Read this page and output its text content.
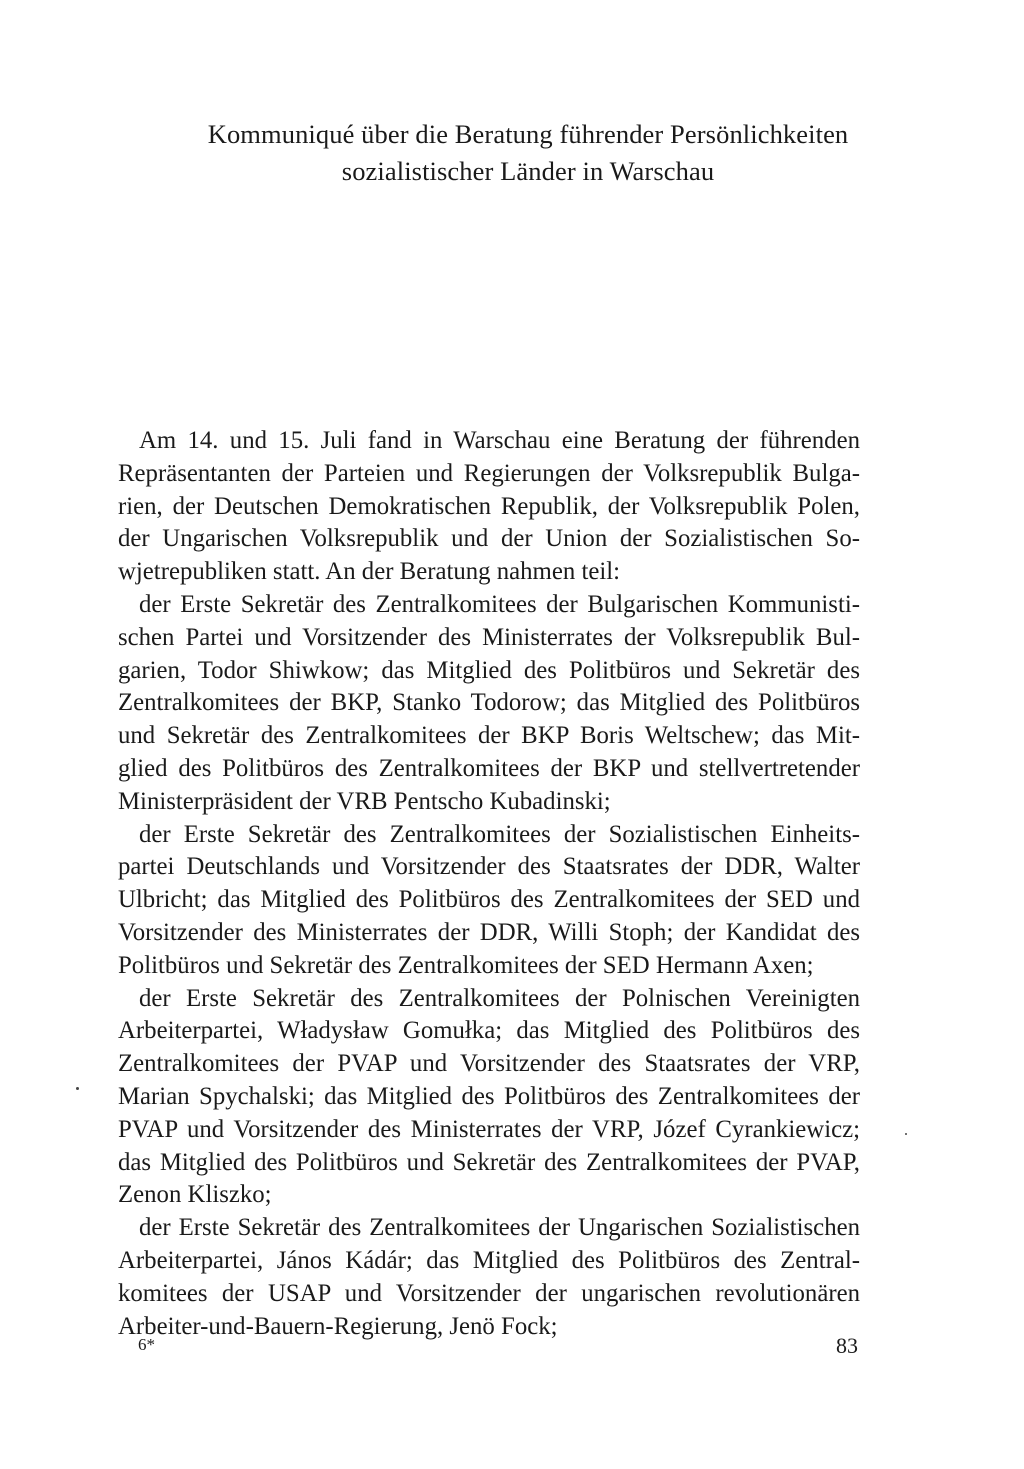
Kommuniqué über die Beratung führender Persönlichkeiten
sozialistischer Länder in Warschau
Am 14. und 15. Juli fand in Warschau eine Beratung der führenden
Repräsentanten der Parteien und Regierungen der Volksrepublik Bulga-
rien, der Deutschen Demokratischen Republik, der Volksrepublik Polen,
der Ungarischen Volksrepublik und der Union der Sozialistischen So-
wjetrepubliken statt. An der Beratung nahmen teil:
der Erste Sekretär des Zentralkomitees der Bulgarischen Kommunisti-
schen Partei und Vorsitzender des Ministerrates der Volksrepublik Bul-
garien, Todor Shiwkow; das Mitglied des Politbüros und Sekretär des
Zentralkomitees der BKP, Stanko Todorow; das Mitglied des Politbüros
und Sekretär des Zentralkomitees der BKP Boris Weltschew; das Mit-
glied des Politbüros des Zentralkomitees der BKP und stellvertretender
Ministerpräsident der VRB Pentscho Kubadinski;
der Erste Sekretär des Zentralkomitees der Sozialistischen Einheits-
partei Deutschlands und Vorsitzender des Staatsrates der DDR, Walter
Ulbricht; das Mitglied des Politbüros des Zentralkomitees der SED und
Vorsitzender des Ministerrates der DDR, Willi Stoph; der Kandidat des
Politbüros und Sekretär des Zentralkomitees der SED Hermann Axen;
der Erste Sekretär des Zentralkomitees der Polnischen Vereinigten
Arbeiterpartei, Władysław Gomułka; das Mitglied des Politbüros des
Zentralkomitees der PVAP und Vorsitzender des Staatsrates der VRP,
Marian Spychalski; das Mitglied des Politbüros des Zentralkomitees der
PVAP und Vorsitzender des Ministerrates der VRP, Józef Cyrankiewicz;
das Mitglied des Politbüros und Sekretär des Zentralkomitees der PVAP,
Zenon Kliszko;
der Erste Sekretär des Zentralkomitees der Ungarischen Sozialistischen
Arbeiterpartei, János Kádár; das Mitglied des Politbüros des Zentral-
komitees der USAP und Vorsitzender der ungarischen revolutionären
Arbeiter-und-Bauern-Regierung, Jenö Fock;
6*	83
